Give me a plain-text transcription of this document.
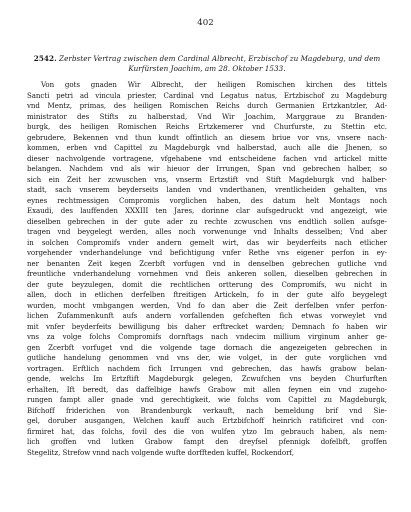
402
2542. Zerbster Vertrag zwischen dem Cardinal Albrecht, Erzbischof zu Magdeburg, und dem
Kurfürsten Joachim, am 28. Oktober 1533.
Von gots gnaden Wir Albrecht, der heiligen Romischen kirchen des tittels
Sancti petri ad vincula priester, Cardinal vnd Legatus natus, Ertzbischof zu Magdeburg
vnd Mentz, primas, des heiligen Romischen Reichs durch Germanien Ertzkantzler, Ad-
ministrator des Stifts zu halberstad, Vnd Wir Joachim, Marggraue zu Branden-
burgk, des heiligen Romischen Reichs Ertzkemerer vnd Churfurste, zu Stettin etc.
gebrudere, Bekennen vnd thun kundt offintlich an diesem briue vor vns, vnsere nach-
kommen, erben vnd Capittel zu Magdeburgk vnd halberstad, auch alle die Jhenen, so
dieser nachvolgende vortragene, vfgehabene vnd entscheidene fachen vnd artickel mitte
belangen. Nachdem vnd als wir hieuor der Irrungen, Span vnd gebrechen halber, so
sich ein Zeit her zcwuschen vns, vnserm Ertzstift vnd Stift Magdeburgk vnd halber-
stadt, sach vnserem beyderseits landen vnd vnderthanen, vrentlicheiden gehalten, vns
eynes rechtmessigen Compromis vorglichen haben, des datum helt Montags noch
Exaudi, des lauffenden XXXIII ten Jares, dorinne clar aufsgedruckt vnd angezeigt, wie
dieselben gebrechen in der gute ader zu rechte zcwuschen vns endtlich sollen aufsge-
tragen vnd beygelegt werden, alles noch vorwenunge vnd Inhalts desselben; Vnd aber
in solchen Compromifs vnder andern gemelt wirt, das wir beyderfeits nach etlicher
vorgehender vnderhandelunge vnd befichtigung vnfer Rethe vns eigener perfon in ey-
ner benanten Zeit kegen Zcerbft vorfugen vnd in denselben gebrechen gutliche vnd
freuntliche vnderhandelung vornehmen vnd fleis ankeren sollen, dieselben gebrechen in
der gute beyzulegen, domit die rechtlichen ortterung des Compromifs, wu nicht in
allen, doch in etlichen derfelben ftreitigen Artickeln, fo in der gute alfo beygelegt
wurden, mocht vmbgangen werden, Vnd fo dan aber die Zeit derfelben vnfer perfon-
lichen Zufammenkunft aufs andern vorfallenden gefcheften fich etwas vorweylet vnd
mit vnfer beyderfeits bewilligung bis daher erftrecket warden; Demnach fo haben wir
vns za volge folchs Compromifs dornftags nach vndecim millium virginum anher ge-
gen Zcerbft vorfuget vnd die volgende tage dornach die angezeigeten gebrechen in
gutliche handelung genommen vnd vns der, wie volget, in der gute vorglichen vnd
vortragen. Erftlich nachdem fich Irrungen vnd gebrechen, das hawfs grabow belan-
gende, welchs Im Ertzftift Magdeburgk gelegen, Zcwufchen vns beyden Churfurften
erhalten, Ift beredt, das daffelbige hawfs Grabow mit allen feynen ein vnd zugeho-
rungen fampt aller gnade vnd gerechtigkeit, wie folchs vom Capittel zu Magdeburgk,
Bifchoff friderichen von Brandenburgk verkauft, nach bemeldung brif vnd Sie-
gel, doruber ausgangen, Welchen kauff auch Ertzbifchoff heinrich ratificiret vnd con-
firmiret hat, das folchs, fovil des die von wulfen ytzo Im gebrauch haben, als nem-
lich groffen vnd lutken Grabow fampt den dreyfsel pfennigk dofelbft, groffen
Stegelitz, Strefow vnnd nach volgende wufte dorffteden kuffel, Rockendorf,
